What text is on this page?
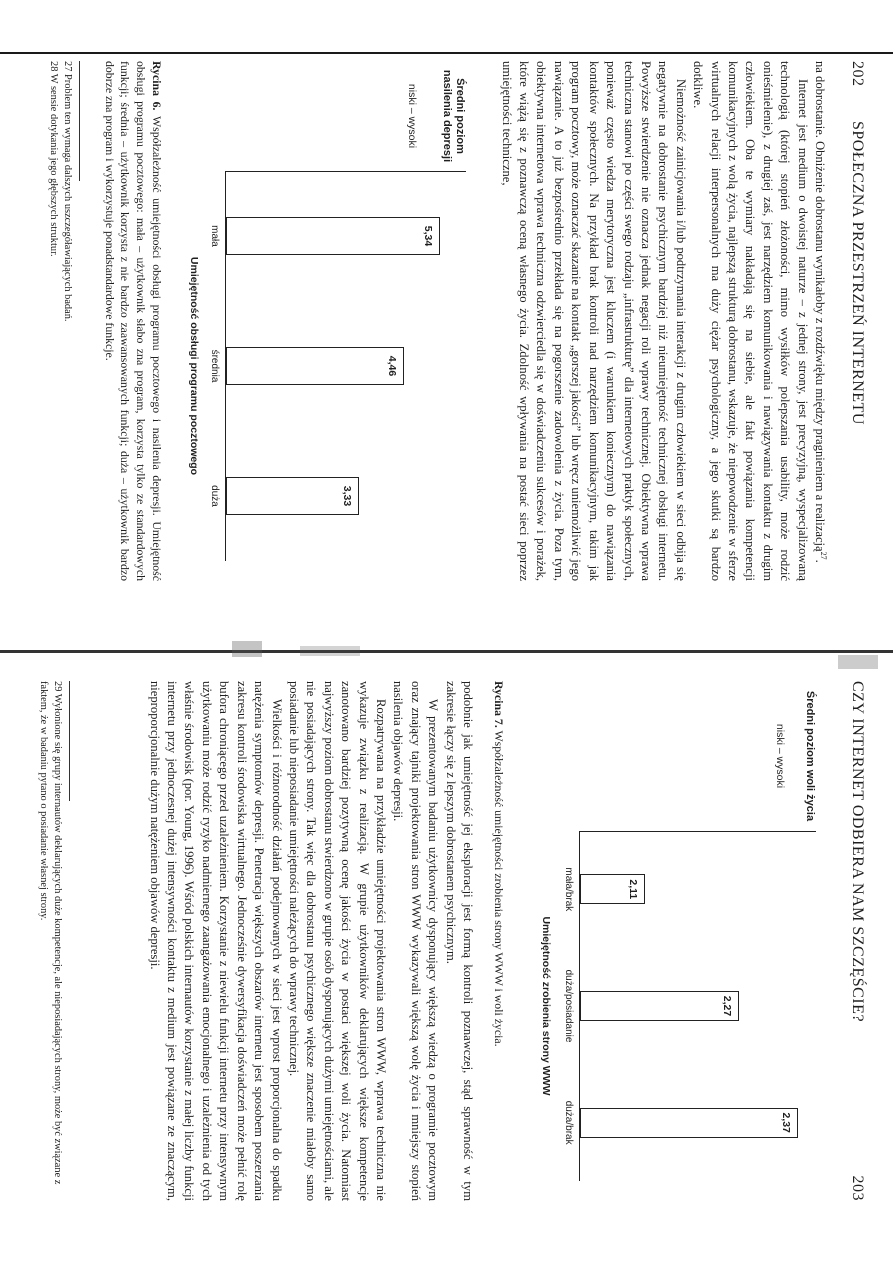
202
SPOŁECZNA PRZESTRZEŃ INTERNETU

na dobrostanie. Obniżenie dobrostanu wynikałoby z rozdźwięku między pragnieniem a realizacją$^{27}$.

Internet jest medium o dwoistej naturze – z jednej strony, jest precyzyjną, wyspecjalizowaną technologią (której stopień złożoności, mimo wysiłków polepszania usability, może rodzić onieśmielenie), z drugiej zaś, jest narzędziem komunikowania i nawiązywania kontaktu z drugim człowiekiem. Oba te wymiary nakładają się na siebie, ale fakt powiązania kompetencji komunikacyjnych z wolą życia, najlepszą strukturą dobrostanu, wskazuje, że niepowodzenie w sferze wirtualnych relacji interpersonalnych ma duży ciężar psychologiczny, a jego skutki są bardzo dotkliwe.

Niemożność zainicjowania i/lub podtrzymania interakcji z drugim człowiekiem w sieci odbija się negatywnie na dobrostanie psychicznym bardziej niż nieumiejętność technicznej obsługi internetu. Powyższe stwierdzenie nie oznacza jednak negacji roli wprawy technicznej. Obiektywna wprawa techniczna stanowi po części swego rodzaju „infrastrukturę” dla internetowych praktyk społecznych, ponieważ często wiedza merytoryczna jest kluczem (i warunkiem koniecznym) do nawiązania kontaktów społecznych. Na przykład brak kontroli nad narzędziem komunikacyjnym, takim jak program pocztowy, może oznaczać skazanie na kontakt „gorszej jakości” lub wręcz uniemożliwić jego nawiązanie. A to już bezpośrednio przekłada się na pogorszenie zadowolenia z życia. Poza tym, obiektywna internetowa wprawa techniczna odzwierciedla się w doświadczeniu sukcesów i porażek, które wiążą się z poznawczą oceną własnego życia. Zdolność wpływania na postać sieci poprzez umiejętności techniczne,

Średni poziom nasilenia depresji
niski – wysoki
5,34
mała
4,46
średnia
3,33
duża
Umiejętność obsługi programu pocztowego
Rycina 6. Współzależność umiejętności obsługi programu pocztowego i nasilenia depresji. Umiejętność obsługi programu pocztowego: mała – użytkownik słabo zna program, korzysta tylko ze standardowych funkcji; średnia – użytkownik korzysta z nie bardzo zaawansowanych funkcji; duża – użytkownik bardzo dobrze zna program i wykorzystuje ponadstandardowe funkcje.
27 Problem ten wymaga dalszych uszczegóławiających badań.
28 W sensie dotykania jego głębszych struktur.
CZY INTERNET ODBIERA NAM SZCZĘŚCIE?
203
Średni poziom woli życia
niski – wysoki
2,11
mała/brak
2,27
duża/posiadanie
2,37
duża/brak
Umiejętność zrobienia strony WWW
Rycina 7. Współzależność umiejętności zrobienia strony WWW i woli życia.

podobnie jak umiejętność jej eksploracji jest formą kontroli poznawczej, stąd sprawność w tym zakresie łączy się z lepszym dobrostanem psychicznym.

W prezentowanym badaniu użytkownicy dysponujący większą wiedzą o programie pocztowym oraz znający tajniki projektowania stron WWW wykazywali większą wolę życia i mniejszy stopień nasilenia objawów depresji.

Rozpatrywana na przykładzie umiejętności projektowania stron WWW, wprawa techniczna nie wykazuje związku z realizacją. W grupie użytkowników deklarujących większe kompetencje zanotowano bardziej pozytywną ocenę jakości życia w postaci większej woli życia. Natomiast najwyższy poziom dobrostanu stwierdzono w grupie osób dysponujących dużymi umiejętnościami, ale nie posiadających strony. Tak więc dla dobrostanu psychicznego większe znaczenie miałoby samo posiadanie lub nieposiadanie umiejętności należących do wprawy technicznej.

Wielkości i różnorodność działań podejmowanych w sieci jest wprost proporcjonalna do spadku natężenia symptomów depresji. Penetracja większych obszarów internetu jest sposobem poszerzania zakresu kontroli środowiska wirtualnego. Jednocześnie dywersyfikacja doświadczeń może pełnić rolę bufora chroniącego przed uzależnieniem. Korzystanie z niewielu funkcji internetu przy intensywnym użytkowaniu może rodzić ryzyko nadmiernego zaangażowania emocjonalnego i uzależnienia od tych właśnie środowisk (por. Young, 1996). Wśród polskich internautów korzystanie z małej liczby funkcji internetu przy jednoczesnej dużej intensywności kontaktu z medium jest powiązane ze znaczącym, nieproporcjonalnie dużym natężeniem objawów depresji.

29 Wyłonione się grupy internautów deklarujących duże kompetencje, ale nieposiadających strony, może być związane z faktem, że w badaniu pytano o posiadanie własnej strony.
